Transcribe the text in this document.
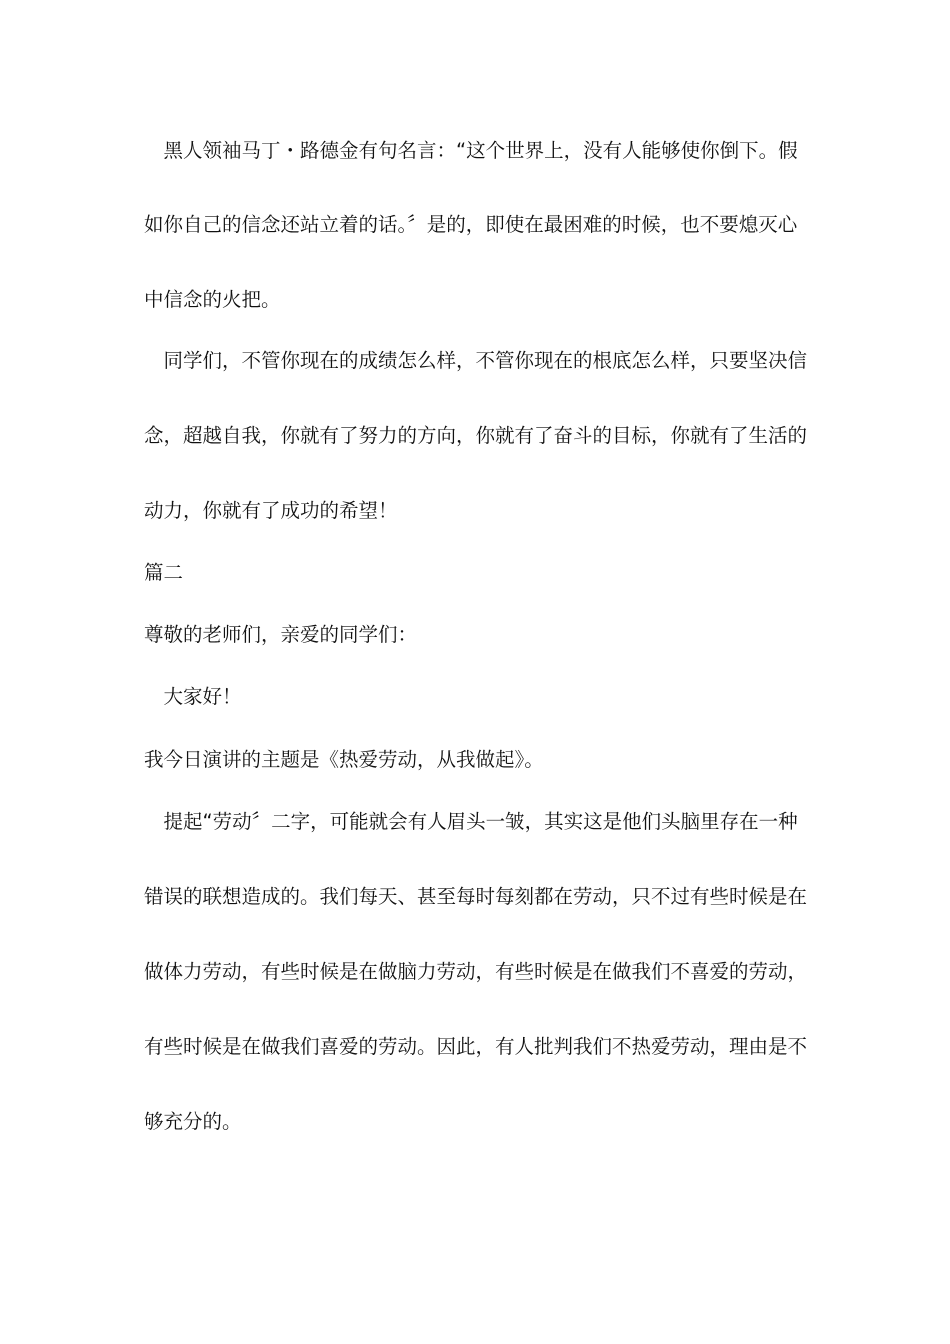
　黑人领袖马丁・路德金有句名言：“这个世界上，没有人能够使你倒下。假
如你自己的信念还站立着的话。〞是的，即使在最困难的时候，也不要熄灭心
中信念的火把。
　同学们，不管你现在的成绩怎么样，不管你现在的根底怎么样，只要坚决信
念，超越自我，你就有了努力的方向，你就有了奋斗的目标，你就有了生活的
动力，你就有了成功的希望！
篇二
尊敬的老师们，亲爱的同学们：
　大家好！
我今日演讲的主题是《热爱劳动，从我做起》。
　提起“劳动〞二字，可能就会有人眉头一皱，其实这是他们头脑里存在一种
错误的联想造成的。我们每天、甚至每时每刻都在劳动，只不过有些时候是在
做体力劳动，有些时候是在做脑力劳动，有些时候是在做我们不喜爱的劳动，
有些时候是在做我们喜爱的劳动。因此，有人批判我们不热爱劳动，理由是不
够充分的。
